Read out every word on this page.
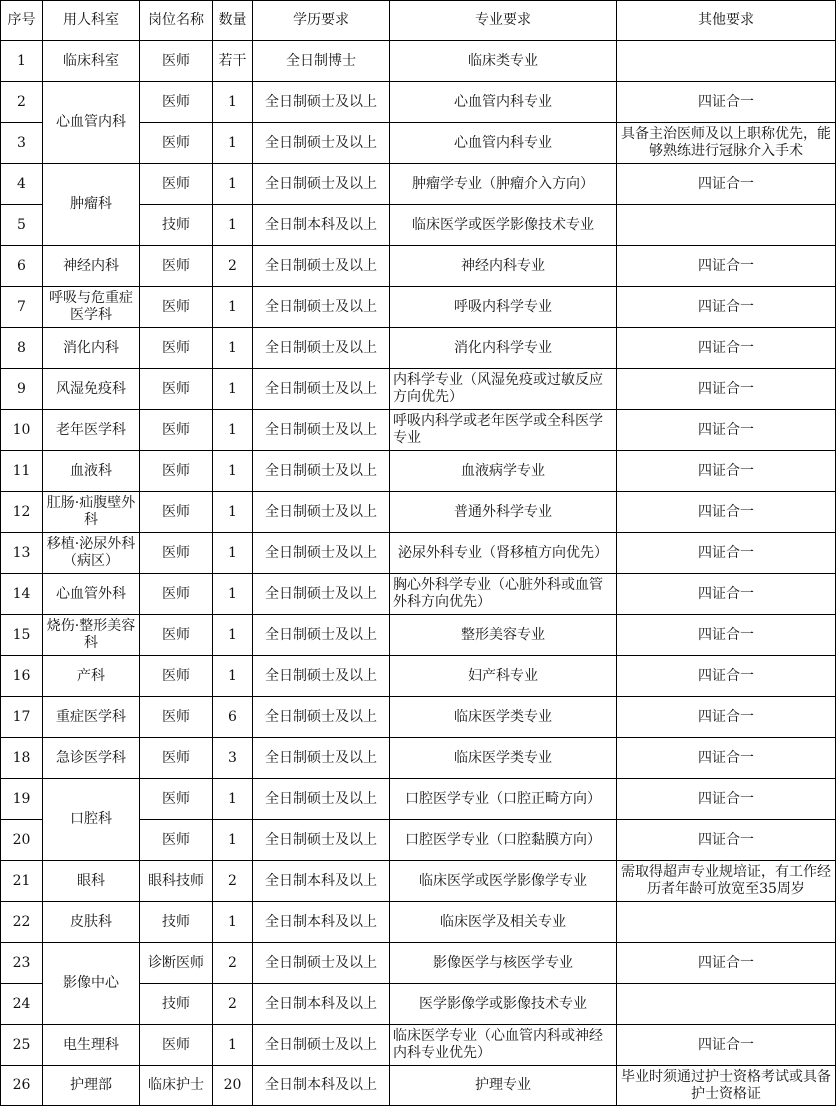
序号	用人科室	岗位名称	数量	学历要求	专业要求	其他要求
1	临床科室	医师	若干	全日制博士	临床类专业	
2	心血管内科	医师	1	全日制硕士及以上	心血管内科专业	四证合一
3		医师	1	全日制硕士及以上	心血管内科专业	具备主治医师及以上职称优先，能够熟练进行冠脉介入手术
4	肿瘤科	医师	1	全日制硕士及以上	肿瘤学专业（肿瘤介入方向）	四证合一
5		技师	1	全日制本科及以上	临床医学或医学影像技术专业	
6	神经内科	医师	2	全日制硕士及以上	神经内科专业	四证合一
7	呼吸与危重症医学科	医师	1	全日制硕士及以上	呼吸内科学专业	四证合一
8	消化内科	医师	1	全日制硕士及以上	消化内科学专业	四证合一
9	风湿免疫科	医师	1	全日制硕士及以上	内科学专业（风湿免疫或过敏反应方向优先）	四证合一
10	老年医学科	医师	1	全日制硕士及以上	呼吸内科学或老年医学或全科医学专业	四证合一
11	血液科	医师	1	全日制硕士及以上	血液病学专业	四证合一
12	肛肠·疝腹壁外科	医师	1	全日制硕士及以上	普通外科学专业	四证合一
13	移植·泌尿外科（病区）	医师	1	全日制硕士及以上	泌尿外科专业（肾移植方向优先）	四证合一
14	心血管外科	医师	1	全日制硕士及以上	胸心外科学专业（心脏外科或血管外科方向优先）	四证合一
15	烧伤·整形美容科	医师	1	全日制硕士及以上	整形美容专业	四证合一
16	产科	医师	1	全日制硕士及以上	妇产科专业	四证合一
17	重症医学科	医师	6	全日制硕士及以上	临床医学类专业	四证合一
18	急诊医学科	医师	3	全日制硕士及以上	临床医学类专业	四证合一
19	口腔科	医师	1	全日制硕士及以上	口腔医学专业（口腔正畸方向）	四证合一
20		医师	1	全日制硕士及以上	口腔医学专业（口腔黏膜方向）	四证合一
21	眼科	眼科技师	2	全日制本科及以上	临床医学或医学影像学专业	需取得超声专业规培证，有工作经历者年龄可放宽至35周岁
22	皮肤科	技师	1	全日制本科及以上	临床医学及相关专业	
23	影像中心	诊断医师	2	全日制硕士及以上	影像医学与核医学专业	四证合一
24		技师	2	全日制本科及以上	医学影像学或影像技术专业	
25	电生理科	医师	1	全日制硕士及以上	临床医学专业（心血管内科或神经内科专业优先）	四证合一
26	护理部	临床护士	20	全日制本科及以上	护理专业	毕业时须通过护士资格考试或具备护士资格证
